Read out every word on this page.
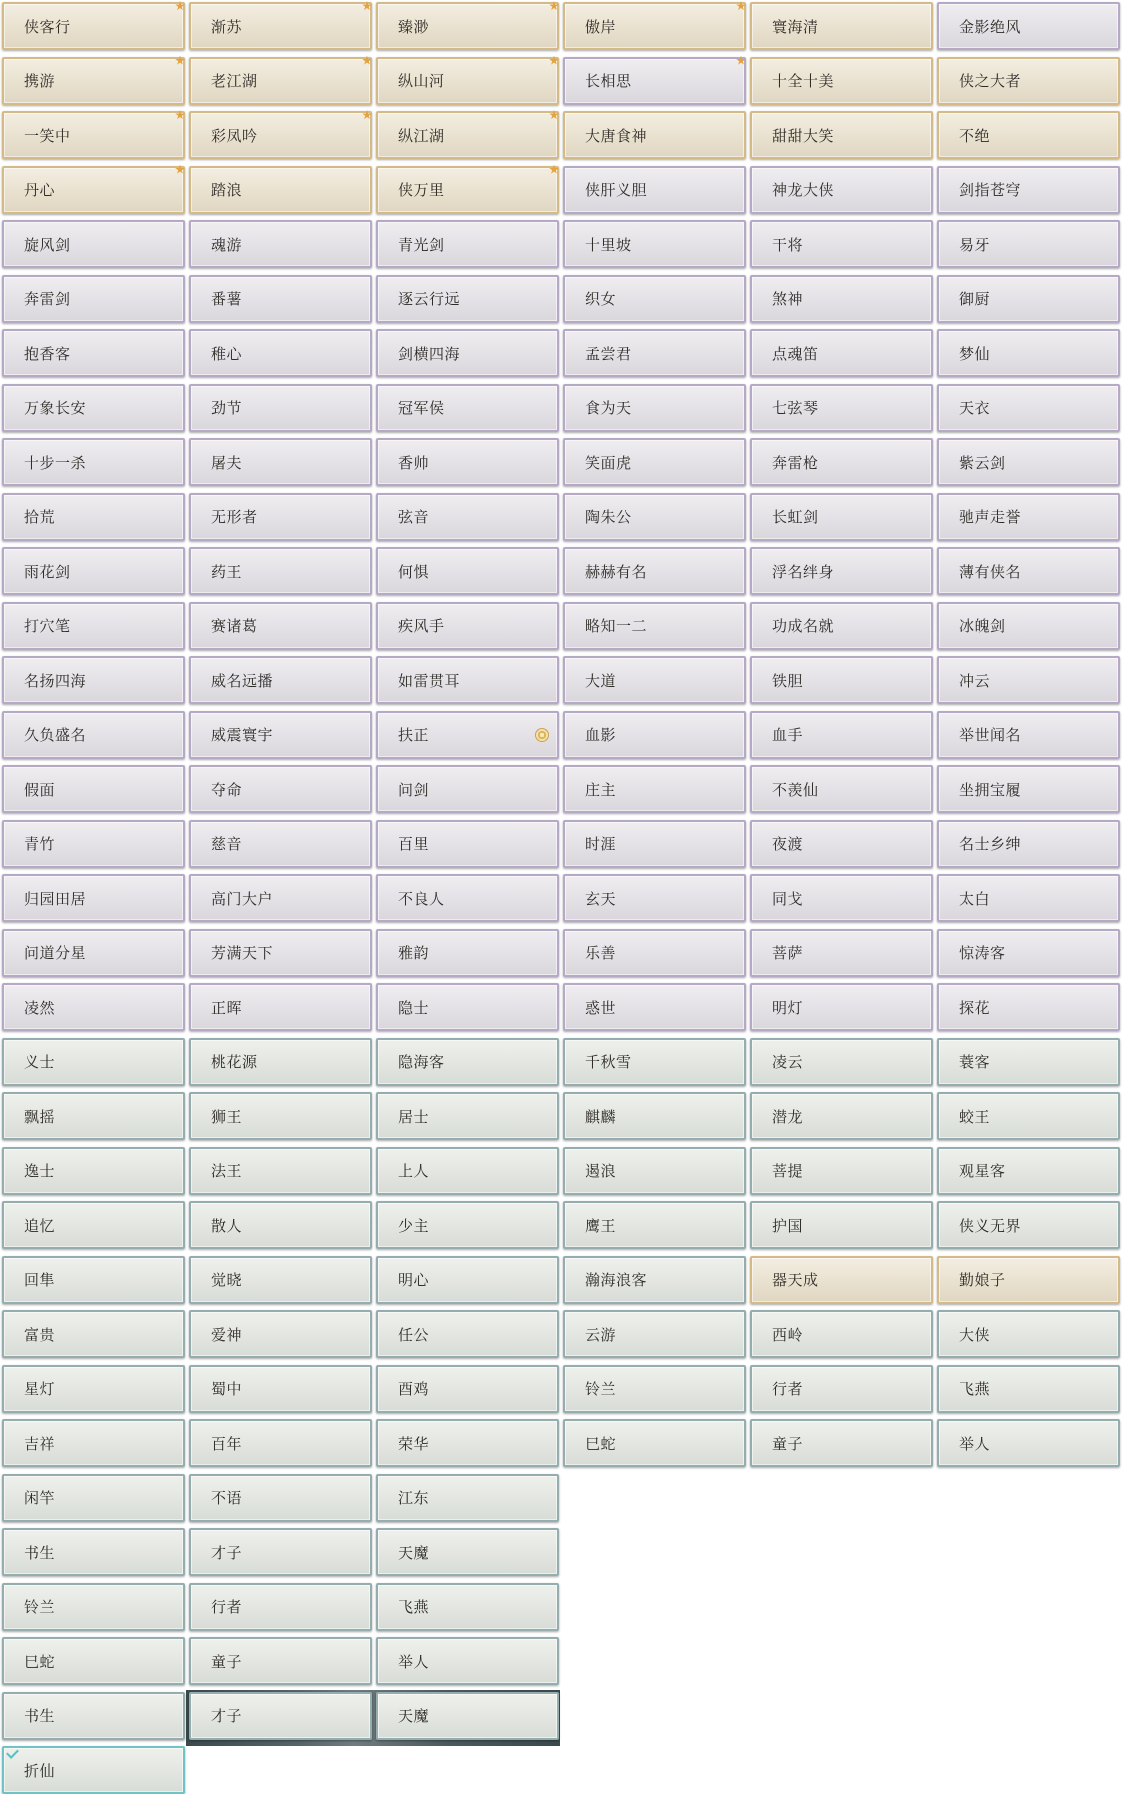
侠客行	渐苏	臻渺	傲岸	寰海清	金影绝风
携游	老江湖	纵山河	长相思	十全十美	侠之大者
一笑中	彩凤吟	纵江湖	大唐食神	甜甜大笑	不绝
丹心	踏浪	侠万里	侠肝义胆	神龙大侠	剑指苍穹
旋风剑	魂游	青光剑	十里坡	干将	易牙
奔雷剑	番薯	逐云行远	织女	煞神	御厨
抱香客	稚心	剑横四海	孟尝君	点魂笛	梦仙
万象长安	劲节	冠军侯	食为天	七弦琴	天衣
十步一杀	屠夫	香帅	笑面虎	奔雷枪	紫云剑
拾荒	无形者	弦音	陶朱公	长虹剑	驰声走誉
雨花剑	药王	何惧	赫赫有名	浮名绊身	薄有侠名
打穴笔	赛诸葛	疾风手	略知一二	功成名就	冰魄剑
名扬四海	威名远播	如雷贯耳	大道	铁胆	冲云
久负盛名	威震寰宇	扶正	血影	血手	举世闻名
假面	夺命	问剑	庄主	不羡仙	坐拥宝履
青竹	慈音	百里	时涯	夜渡	名士乡绅
归园田居	高门大户	不良人	玄天	同戈	太白
问道分星	芳满天下	雅韵	乐善	菩萨	惊涛客
凌然	正晖	隐士	惑世	明灯	探花
义士	桃花源	隐海客	千秋雪	凌云	蓑客
飘摇	狮王	居士	麒麟	潜龙	蛟王
逸士	法王	上人	遏浪	菩提	观星客
追忆	散人	少主	鹰王	护国	侠义无界
回隼	觉晓	明心	瀚海浪客	器天成	勤娘子
富贵	爱神	任公	云游	西岭	大侠
星灯	蜀中	酉鸡	铃兰	行者	飞燕
吉祥	百年	荣华	巳蛇	童子	举人
闲竿	不语	江东
书生	才子	天魔
铃兰	行者	飞燕
巳蛇	童子	举人
书生	才子	天魔
折仙
